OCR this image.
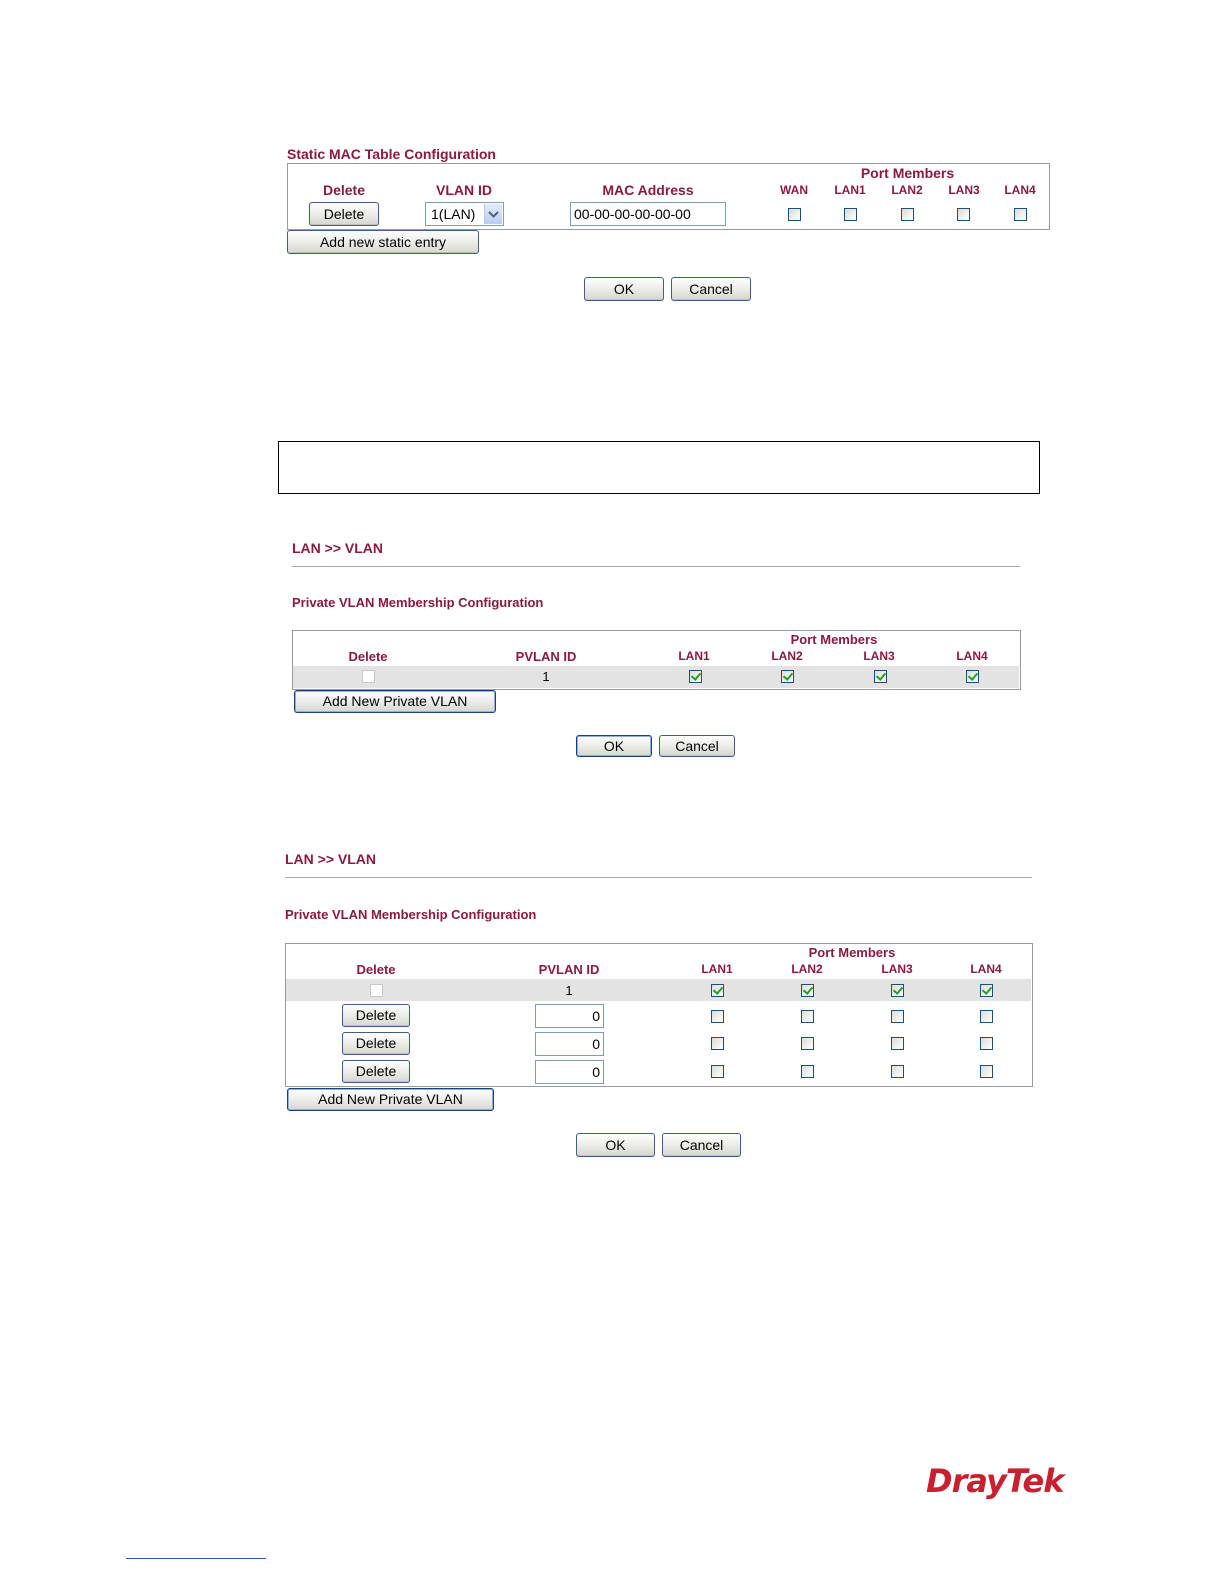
Static MAC Table Configuration
Port Members
Delete	VLAN ID	MAC Address	WAN	LAN1	LAN2	LAN3	LAN4
Delete	1(LAN)	00-00-00-00-00-00
Add new static entry
OK	Cancel
LAN >> VLAN
Private VLAN Membership Configuration
Port Members
Delete	PVLAN ID	LAN1	LAN2	LAN3	LAN4
1
Add New Private VLAN
OK	Cancel
LAN >> VLAN
Private VLAN Membership Configuration
Port Members
Delete	PVLAN ID	LAN1	LAN2	LAN3	LAN4
1
Delete	0
Delete	0
Delete	0
Add New Private VLAN
OK	Cancel
DrayTek
